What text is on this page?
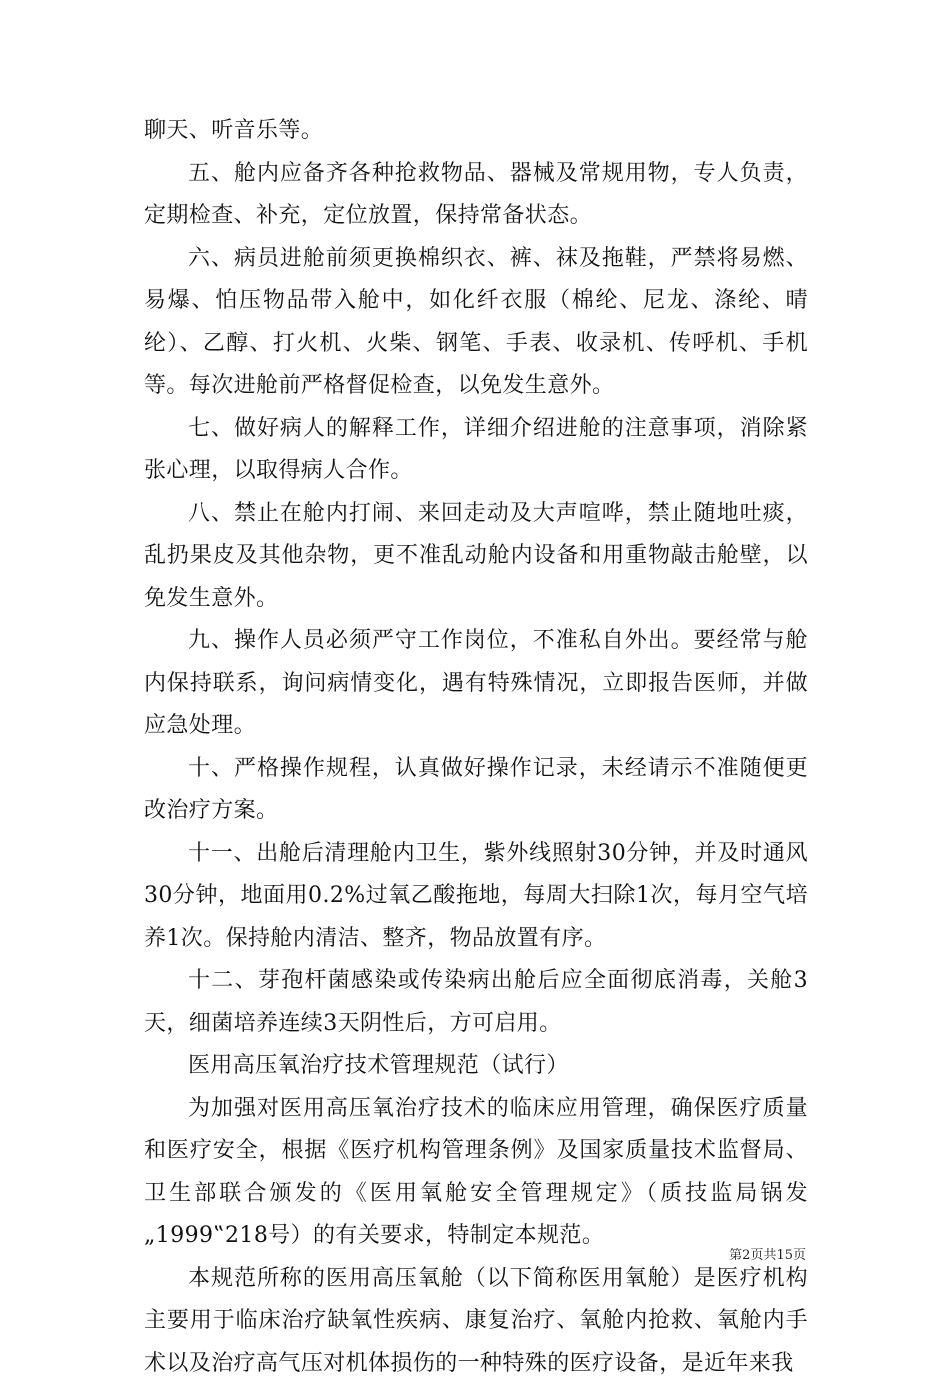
聊天、听音乐等。

五、舱内应备齐各种抢救物品、器械及常规用物，专人负责，定期检查、补充，定位放置，保持常备状态。

六、病员进舱前须更换棉织衣、裤、袜及拖鞋，严禁将易燃、易爆、怕压物品带入舱中，如化纤衣服（棉纶、尼龙、涤纶、晴纶）、乙醇、打火机、火柴、钢笔、手表、收录机、传呼机、手机等。每次进舱前严格督促检查，以免发生意外。

七、做好病人的解释工作，详细介绍进舱的注意事项，消除紧张心理，以取得病人合作。

八、禁止在舱内打闹、来回走动及大声喧哗，禁止随地吐痰，乱扔果皮及其他杂物，更不准乱动舱内设备和用重物敲击舱壁，以免发生意外。

九、操作人员必须严守工作岗位，不准私自外出。要经常与舱内保持联系，询问病情变化，遇有特殊情况，立即报告医师，并做应急处理。

十、严格操作规程，认真做好操作记录，未经请示不准随便更改治疗方案。

十一、出舱后清理舱内卫生，紫外线照射30分钟，并及时通风30分钟，地面用0.2%过氧乙酸拖地，每周大扫除1次，每月空气培养1次。保持舱内清洁、整齐，物品放置有序。

十二、芽孢杆菌感染或传染病出舱后应全面彻底消毒，关舱3天，细菌培养连续3天阴性后，方可启用。

医用高压氧治疗技术管理规范（试行）

为加强对医用高压氧治疗技术的临床应用管理，确保医疗质量和医疗安全，根据《医疗机构管理条例》及国家质量技术监督局、卫生部联合颁发的《医用氧舱安全管理规定》（质技监局锅发„1999‟218号）的有关要求，特制定本规范。

本规范所称的医用高压氧舱（以下简称医用氧舱）是医疗机构主要用于临床治疗缺氧性疾病、康复治疗、氧舱内抢救、氧舱内手术以及治疗高气压对机体损伤的一种特殊的医疗设备，是近年来我

第2页共15页
